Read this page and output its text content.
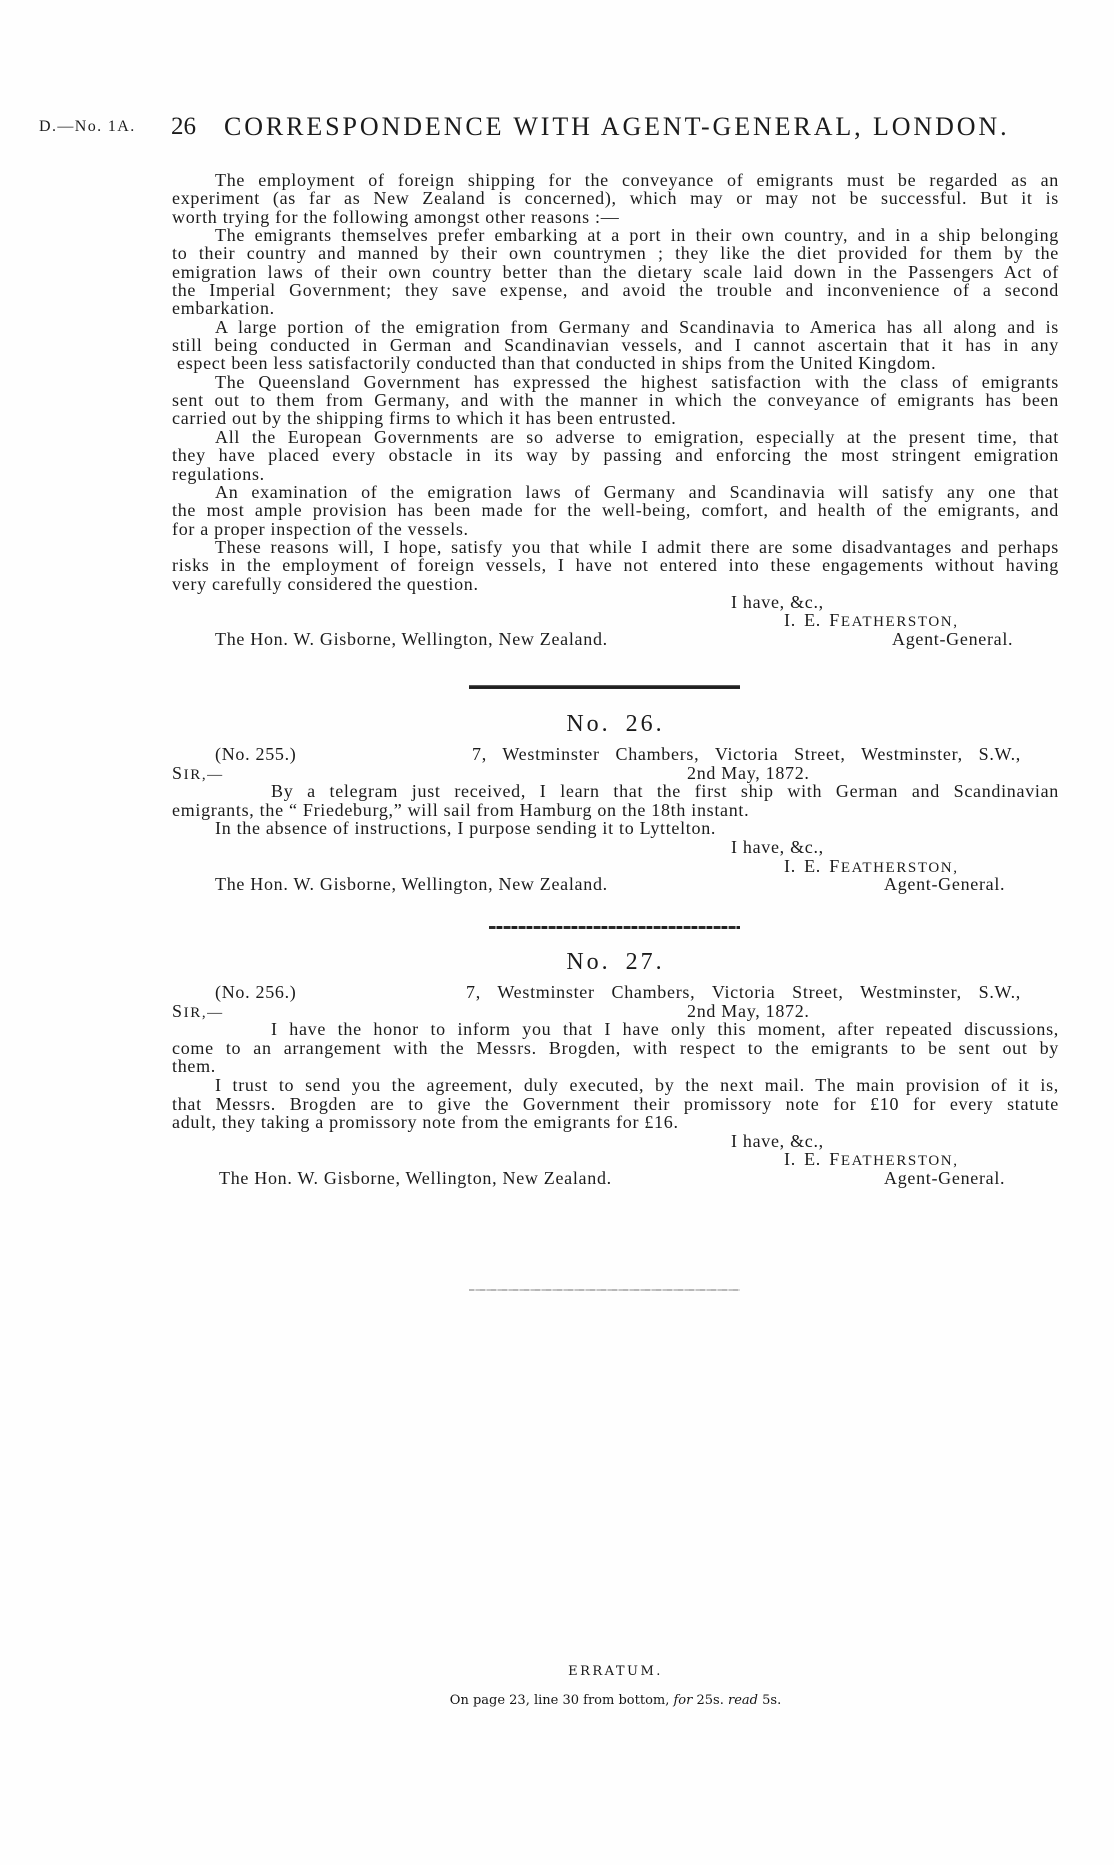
D.—No. 1A. 26 CORRESPONDENCE WITH AGENT-GENERAL, LONDON.
The employment of foreign shipping for the conveyance of emigrants must be regarded as an
experiment (as far as New Zealand is concerned), which may or may not be successful. But it is
worth trying for the following amongst other reasons :—
The emigrants themselves prefer embarking at a port in their own country, and in a ship belonging
to their country and manned by their own countrymen ; they like the diet provided for them by the
emigration laws of their own country better than the dietary scale laid down in the Passengers Act of
the Imperial Government; they save expense, and avoid the trouble and inconvenience of a second
embarkation.
A large portion of the emigration from Germany and Scandinavia to America has all along and is
still being conducted in German and Scandinavian vessels, and I cannot ascertain that it has in any
espect been less satisfactorily conducted than that conducted in ships from the United Kingdom.
The Queensland Government has expressed the highest satisfaction with the class of emigrants
sent out to them from Germany, and with the manner in which the conveyance of emigrants has been
carried out by the shipping firms to which it has been entrusted.
All the European Governments are so adverse to emigration, especially at the present time, that
they have placed every obstacle in its way by passing and enforcing the most stringent emigration
regulations.
An examination of the emigration laws of Germany and Scandinavia will satisfy any one that
the most ample provision has been made for the well-being, comfort, and health of the emigrants, and
for a proper inspection of the vessels.
These reasons will, I hope, satisfy you that while I admit there are some disadvantages and perhaps
risks in the employment of foreign vessels, I have not entered into these engagements without having
very carefully considered the question.
I have, &c.,
I. E. FEATHERSTON,
The Hon. W. Gisborne, Wellington, New Zealand.	Agent-General.
No. 26.
(No. 255.)	7, Westminster Chambers, Victoria Street, Westminster, S.W.,
SIR,—	2nd May, 1872.
By a telegram just received, I learn that the first ship with German and Scandinavian
emigrants, the “ Friedeburg,” will sail from Hamburg on the 18th instant.
In the absence of instructions, I purpose sending it to Lyttelton.
I have, &c.,
I. E. FEATHERSTON,
The Hon. W. Gisborne, Wellington, New Zealand.	Agent-General.
No. 27.
(No. 256.)	7, Westminster Chambers, Victoria Street, Westminster, S.W.,
SIR,—	2nd May, 1872.
I have the honor to inform you that I have only this moment, after repeated discussions,
come to an arrangement with the Messrs. Brogden, with respect to the emigrants to be sent out by
them.
I trust to send you the agreement, duly executed, by the next mail. The main provision of it is,
that Messrs. Brogden are to give the Government their promissory note for £10 for every statute
adult, they taking a promissory note from the emigrants for £16.
I have, &c.,
I. E. FEATHERSTON,
The Hon. W. Gisborne, Wellington, New Zealand.	Agent-General.
ERRATUM.
On page 23, line 30 from bottom, for 25s. read 5s.
